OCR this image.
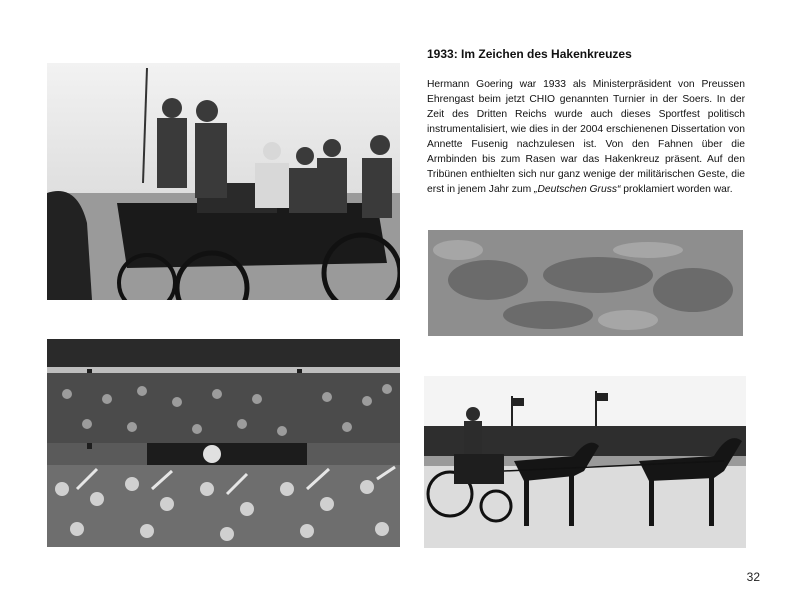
1933: Im Zeichen des Hakenkreuzes

Hermann Goering war 1933 als Ministerpräsident von Preussen Ehrengast beim jetzt CHIO genannten Turnier in der Soers. In der Zeit des Dritten Reichs wurde auch dieses Sportfest politisch instrumentalisiert, wie dies in der 2004 erschienenen Dissertation von Annette Fusenig nachzulesen ist. Von den Fahnen über die Armbinden bis zum Rasen war das Hakenkreuz präsent. Auf den Tribünen enthielten sich nur ganz wenige der militärischen Geste, die erst in jenem Jahr zum „Deutschen Gruss“ proklamiert worden war.

32
